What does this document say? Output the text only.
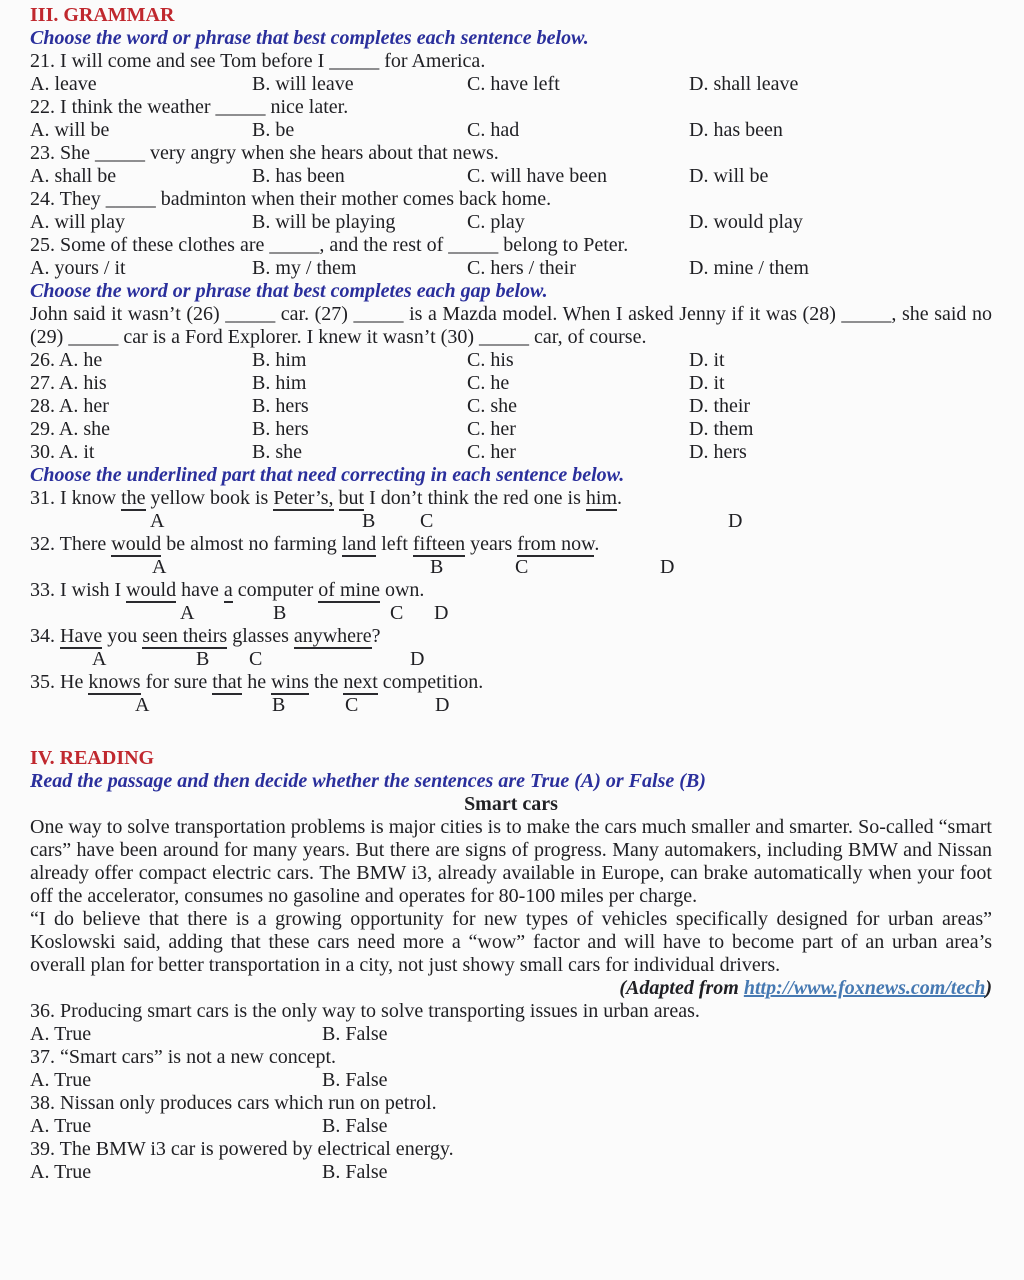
III. GRAMMAR
Choose the word or phrase that best completes each sentence below.
21. I will come and see Tom before I _____ for America.
A. leave	B. will leave	C. have left	D. shall leave
22. I think the weather _____ nice later.
A. will be	B. be	C. had	D. has been
23. She _____ very angry when she hears about that news.
A. shall be	B. has been	C. will have been	D. will be
24. They _____ badminton when their mother comes back home.
A. will play	B. will be playing	C. play	D. would play
25. Some of these clothes are _____, and the rest of _____ belong to Peter.
A. yours / it	B. my / them	C. hers / their	D. mine / them
Choose the word or phrase that best completes each gap below.
John said it wasn’t (26) _____ car. (27) _____ is a Mazda model. When I asked Jenny if it was (28) _____, she said no (29) _____ car is a Ford Explorer. I knew it wasn’t (30) _____ car, of course.
26. A. he	B. him	C. his	D. it
27. A. his	B. him	C. he	D. it
28. A. her	B. hers	C. she	D. their
29. A. she	B. hers	C. her	D. them
30. A. it	B. she	C. her	D. hers
Choose the underlined part that need correcting in each sentence below.
31. I know the yellow book is Peter’s, but I don’t think the red one is him.
A	B C	D
32. There would be almost no farming land left fifteen years from now.
A	B	C	D
33. I wish I would have a computer of mine own.
A	B	C D
34. Have you seen theirs glasses anywhere?
A	B C	D
35. He knows for sure that he wins the next competition.
A	B	C	D
IV. READING
Read the passage and then decide whether the sentences are True (A) or False (B)
Smart cars
One way to solve transportation problems is major cities is to make the cars much smaller and smarter. So-called “smart cars” have been around for many years. But there are signs of progress. Many automakers, including BMW and Nissan already offer compact electric cars. The BMW i3, already available in Europe, can brake automatically when your foot off the accelerator, consumes no gasoline and operates for 80-100 miles per charge.
“I do believe that there is a growing opportunity for new types of vehicles specifically designed for urban areas” Koslowski said, adding that these cars need more a “wow” factor and will have to become part of an urban area’s overall plan for better transportation in a city, not just showy small cars for individual drivers.
(Adapted from http://www.foxnews.com/tech)
36. Producing smart cars is the only way to solve transporting issues in urban areas.
A. True	B. False
37. “Smart cars” is not a new concept.
A. True	B. False
38. Nissan only produces cars which run on petrol.
A. True	B. False
39. The BMW i3 car is powered by electrical energy.
A. True	B. False
